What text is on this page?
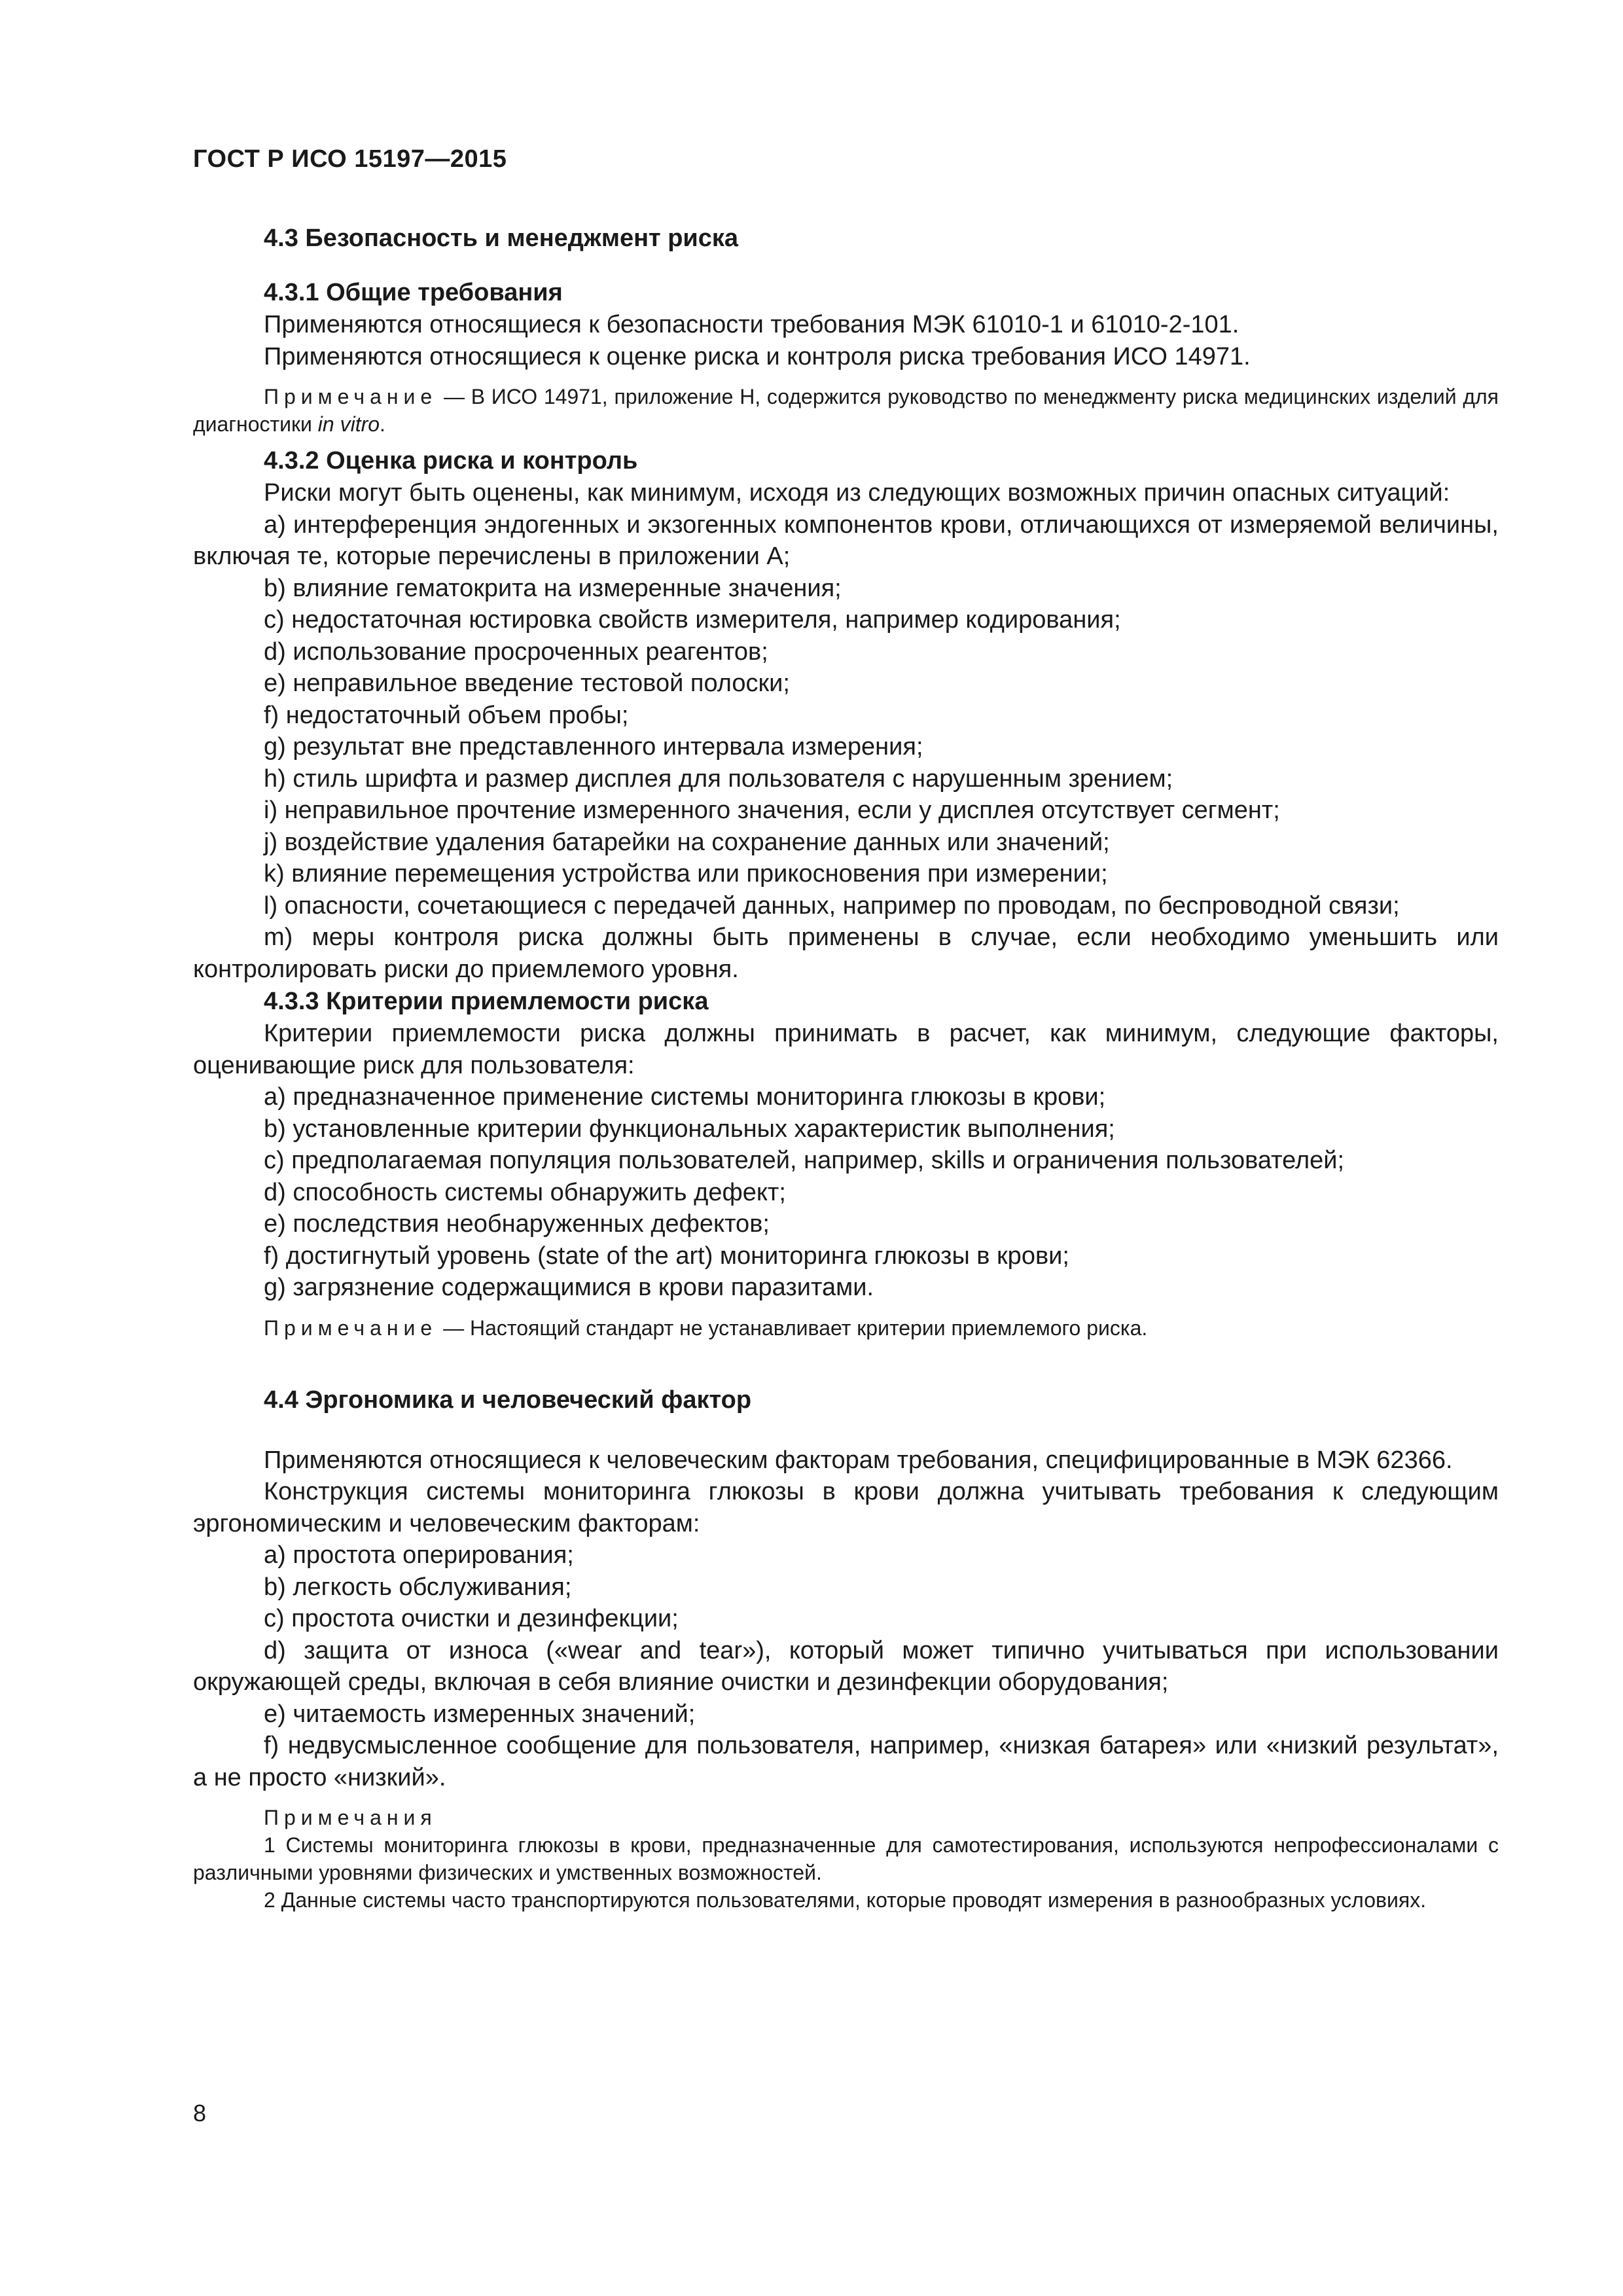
ГОСТ Р ИСО 15197—2015
4.3 Безопасность и менеджмент риска
4.3.1 Общие требования

Применяются относящиеся к безопасности требования МЭК 61010-1 и 61010-2-101.

Применяются относящиеся к оценке риска и контроля риска требования ИСО 14971.

Примечание — В ИСО 14971, приложение Н, содержится руководство по менеджменту риска медицинских изделий для диагностики in vitro.

4.3.2 Оценка риска и контроль

Риски могут быть оценены, как минимум, исходя из следующих возможных причин опасных ситуаций:

a) интерференция эндогенных и экзогенных компонентов крови, отличающихся от измеряемой величины, включая те, которые перечислены в приложении А;

b) влияние гематокрита на измеренные значения;

c) недостаточная юстировка свойств измерителя, например кодирования;

d) использование просроченных реагентов;

e) неправильное введение тестовой полоски;

f) недостаточный объем пробы;

g) результат вне представленного интервала измерения;

h) стиль шрифта и размер дисплея для пользователя с нарушенным зрением;

i) неправильное прочтение измеренного значения, если у дисплея отсутствует сегмент;

j) воздействие удаления батарейки на сохранение данных или значений;

k) влияние перемещения устройства или прикосновения при измерении;

l) опасности, сочетающиеся с передачей данных, например по проводам, по беспроводной связи;

m) меры контроля риска должны быть применены в случае, если необходимо уменьшить или контролировать риски до приемлемого уровня.

4.3.3 Критерии приемлемости риска

Критерии приемлемости риска должны принимать в расчет, как минимум, следующие факторы, оценивающие риск для пользователя:

a) предназначенное применение системы мониторинга глюкозы в крови;

b) установленные критерии функциональных характеристик выполнения;

c) предполагаемая популяция пользователей, например, skills и ограничения пользователей;

d) способность системы обнаружить дефект;

e) последствия необнаруженных дефектов;

f) достигнутый уровень (state of the art) мониторинга глюкозы в крови;

g) загрязнение содержащимися в крови паразитами.

Примечание — Настоящий стандарт не устанавливает критерии приемлемого риска.

4.4 Эргономика и человеческий фактор

Применяются относящиеся к человеческим факторам требования, специфицированные в МЭК 62366.

Конструкция системы мониторинга глюкозы в крови должна учитывать требования к следующим эргономическим и человеческим факторам:

a) простота оперирования;

b) легкость обслуживания;

c) простота очистки и дезинфекции;

d) защита от износа («wear and tear»), который может типично учитываться при использовании окружающей среды, включая в себя влияние очистки и дезинфекции оборудования;

e) читаемость измеренных значений;

f) недвусмысленное сообщение для пользователя, например, «низкая батарея» или «низкий результат», а не просто «низкий».

Примечания

1 Системы мониторинга глюкозы в крови, предназначенные для самотестирования, используются непрофессионалами с различными уровнями физических и умственных возможностей.

2 Данные системы часто транспортируются пользователями, которые проводят измерения в разнообразных условиях.

8
